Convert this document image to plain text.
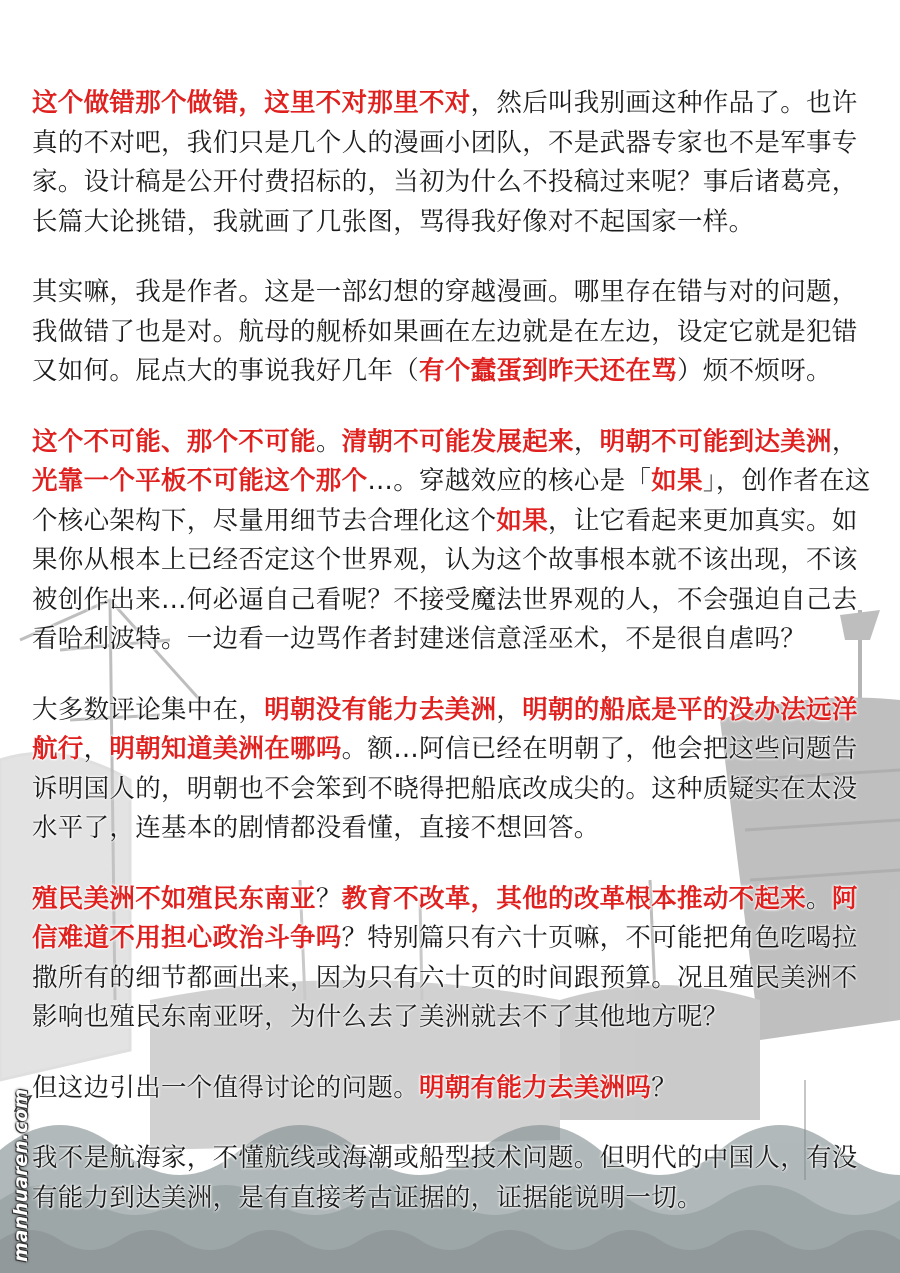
这个做错那个做错，这里不对那里不对，然后叫我别画这种作品了。也许真的不对吧，我们只是几个人的漫画小团队，不是武器专家也不是军事专家。设计稿是公开付费招标的，当初为什么不投稿过来呢？事后诸葛亮，长篇大论挑错，我就画了几张图，骂得我好像对不起国家一样。

其实嘛，我是作者。这是一部幻想的穿越漫画。哪里存在错与对的问题，我做错了也是对。航母的舰桥如果画在左边就是在左边，设定它就是犯错又如何。屁点大的事说我好几年（有个蠢蛋到昨天还在骂）烦不烦呀。

这个不可能、那个不可能。清朝不可能发展起来，明朝不可能到达美洲，光靠一个平板不可能这个那个…。穿越效应的核心是「如果」，创作者在这个核心架构下，尽量用细节去合理化这个如果，让它看起来更加真实。如果你从根本上已经否定这个世界观，认为这个故事根本就不该出现，不该被创作出来…何必逼自己看呢？不接受魔法世界观的人，不会强迫自己去看哈利波特。一边看一边骂作者封建迷信意淫巫术，不是很自虐吗？

大多数评论集中在，明朝没有能力去美洲，明朝的船底是平的没办法远洋航行，明朝知道美洲在哪吗。额…阿信已经在明朝了，他会把这些问题告诉明国人的，明朝也不会笨到不晓得把船底改成尖的。这种质疑实在太没水平了，连基本的剧情都没看懂，直接不想回答。

殖民美洲不如殖民东南亚？教育不改革，其他的改革根本推动不起来。阿信难道不用担心政治斗争吗？特别篇只有六十页嘛，不可能把角色吃喝拉撒所有的细节都画出来，因为只有六十页的时间跟预算。况且殖民美洲不影响也殖民东南亚呀，为什么去了美洲就去不了其他地方呢？

但这边引出一个值得讨论的问题。明朝有能力去美洲吗？

我不是航海家，不懂航线或海潮或船型技术问题。但明代的中国人，有没有能力到达美洲，是有直接考古证据的，证据能说明一切。

manhuaren.com
